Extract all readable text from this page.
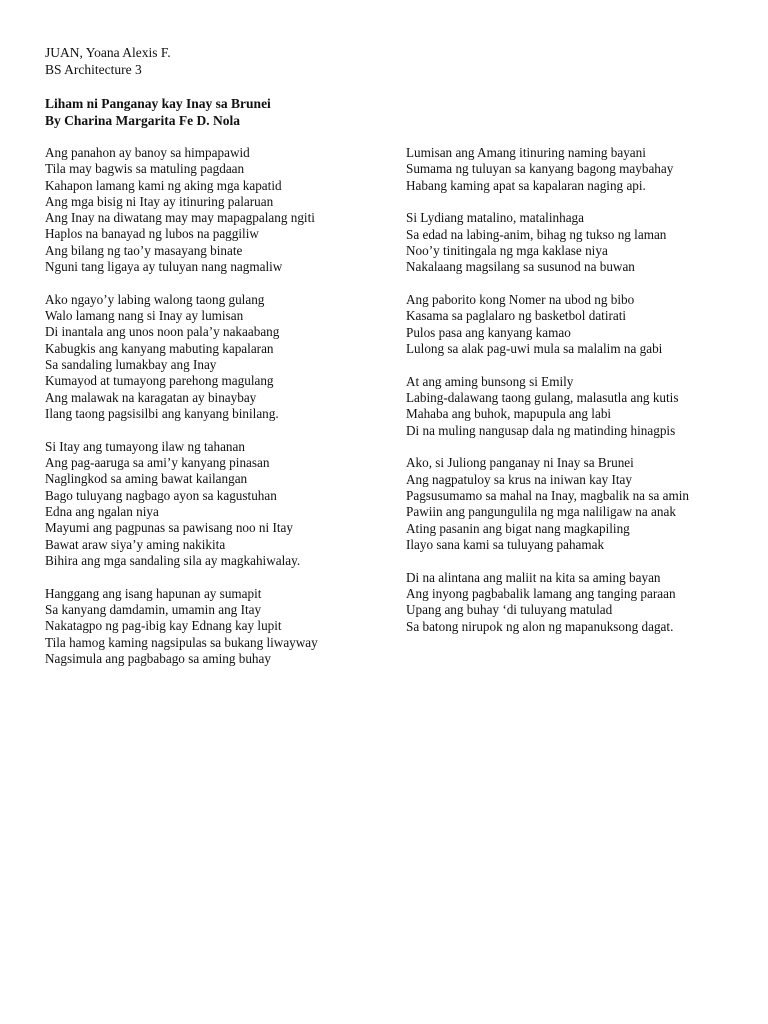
JUAN, Yoana Alexis F.
BS Architecture 3
Liham ni Panganay kay Inay sa Brunei
By Charina Margarita Fe D. Nola
Ang panahon ay banoy sa himpapawid
Tila may bagwis sa matuling pagdaan
Kahapon lamang kami ng aking mga kapatid
Ang mga bisig ni Itay ay itinuring palaruan
Ang Inay na diwatang may may mapagpalang ngiti
Haplos na banayad ng lubos na paggiliw
Ang bilang ng tao’y masayang binate
Nguni tang ligaya ay tuluyan nang nagmaliw
Ako ngayo’y labing walong taong gulang
Walo lamang nang si Inay ay lumisan
Di inantala ang unos noon pala’y nakaabang
Kabugkis ang kanyang mabuting kapalaran
Sa sandaling lumakbay ang Inay
Kumayod at tumayong parehong magulang
Ang malawak na karagatan ay binaybay
Ilang taong pagsisilbi ang kanyang binilang.
Si Itay ang tumayong ilaw ng tahanan
Ang pag-aaruga sa ami’y kanyang pinasan
Naglingkod sa aming bawat kailangan
Bago tuluyang nagbago ayon sa kagustuhan
Edna ang ngalan niya
Mayumi ang pagpunas sa pawisang noo ni Itay
Bawat araw siya’y aming nakikita
Bihira ang mga sandaling sila ay magkahiwalay.
Hanggang ang isang hapunan ay sumapit
Sa kanyang damdamin, umamin ang Itay
Nakatagpo ng pag-ibig kay Ednang kay lupit
Tila hamog kaming nagsipulas sa bukang liwayway
Nagsimula ang pagbabago sa aming buhay
Lumisan ang Amang itinuring naming bayani
Sumama ng tuluyan sa kanyang bagong maybahay
Habang kaming apat sa kapalaran naging api.
Si Lydiang matalino, matalinhaga
Sa edad na labing-anim, bihag ng tukso ng laman
Noo’y tinitingala ng mga kaklase niya
Nakalaang magsilang sa susunod na buwan
Ang paborito kong Nomer na ubod ng bibo
Kasama sa paglalaro ng basketbol datirati
Pulos pasa ang kanyang kamao
Lulong sa alak pag-uwi mula sa malalim na gabi
At ang aming bunsong si Emily
Labing-dalawang taong gulang, malasutla ang kutis
Mahaba ang buhok, mapupula ang labi
Di na muling nangusap dala ng matinding hinagpis
Ako, si Juliong panganay ni Inay sa Brunei
Ang nagpatuloy sa krus na iniwan kay Itay
Pagsusumamo sa mahal na Inay, magbalik na sa amin
Pawiin ang pangungulila ng mga naliligaw na anak
Ating pasanin ang bigat nang magkapiling
Ilayo sana kami sa tuluyang pahamak
Di na alintana ang maliit na kita sa aming bayan
Ang inyong pagbabalik lamang ang tanging paraan
Upang ang buhay ‘di tuluyang matulad
Sa batong nirupok ng alon ng mapanuksong dagat.
